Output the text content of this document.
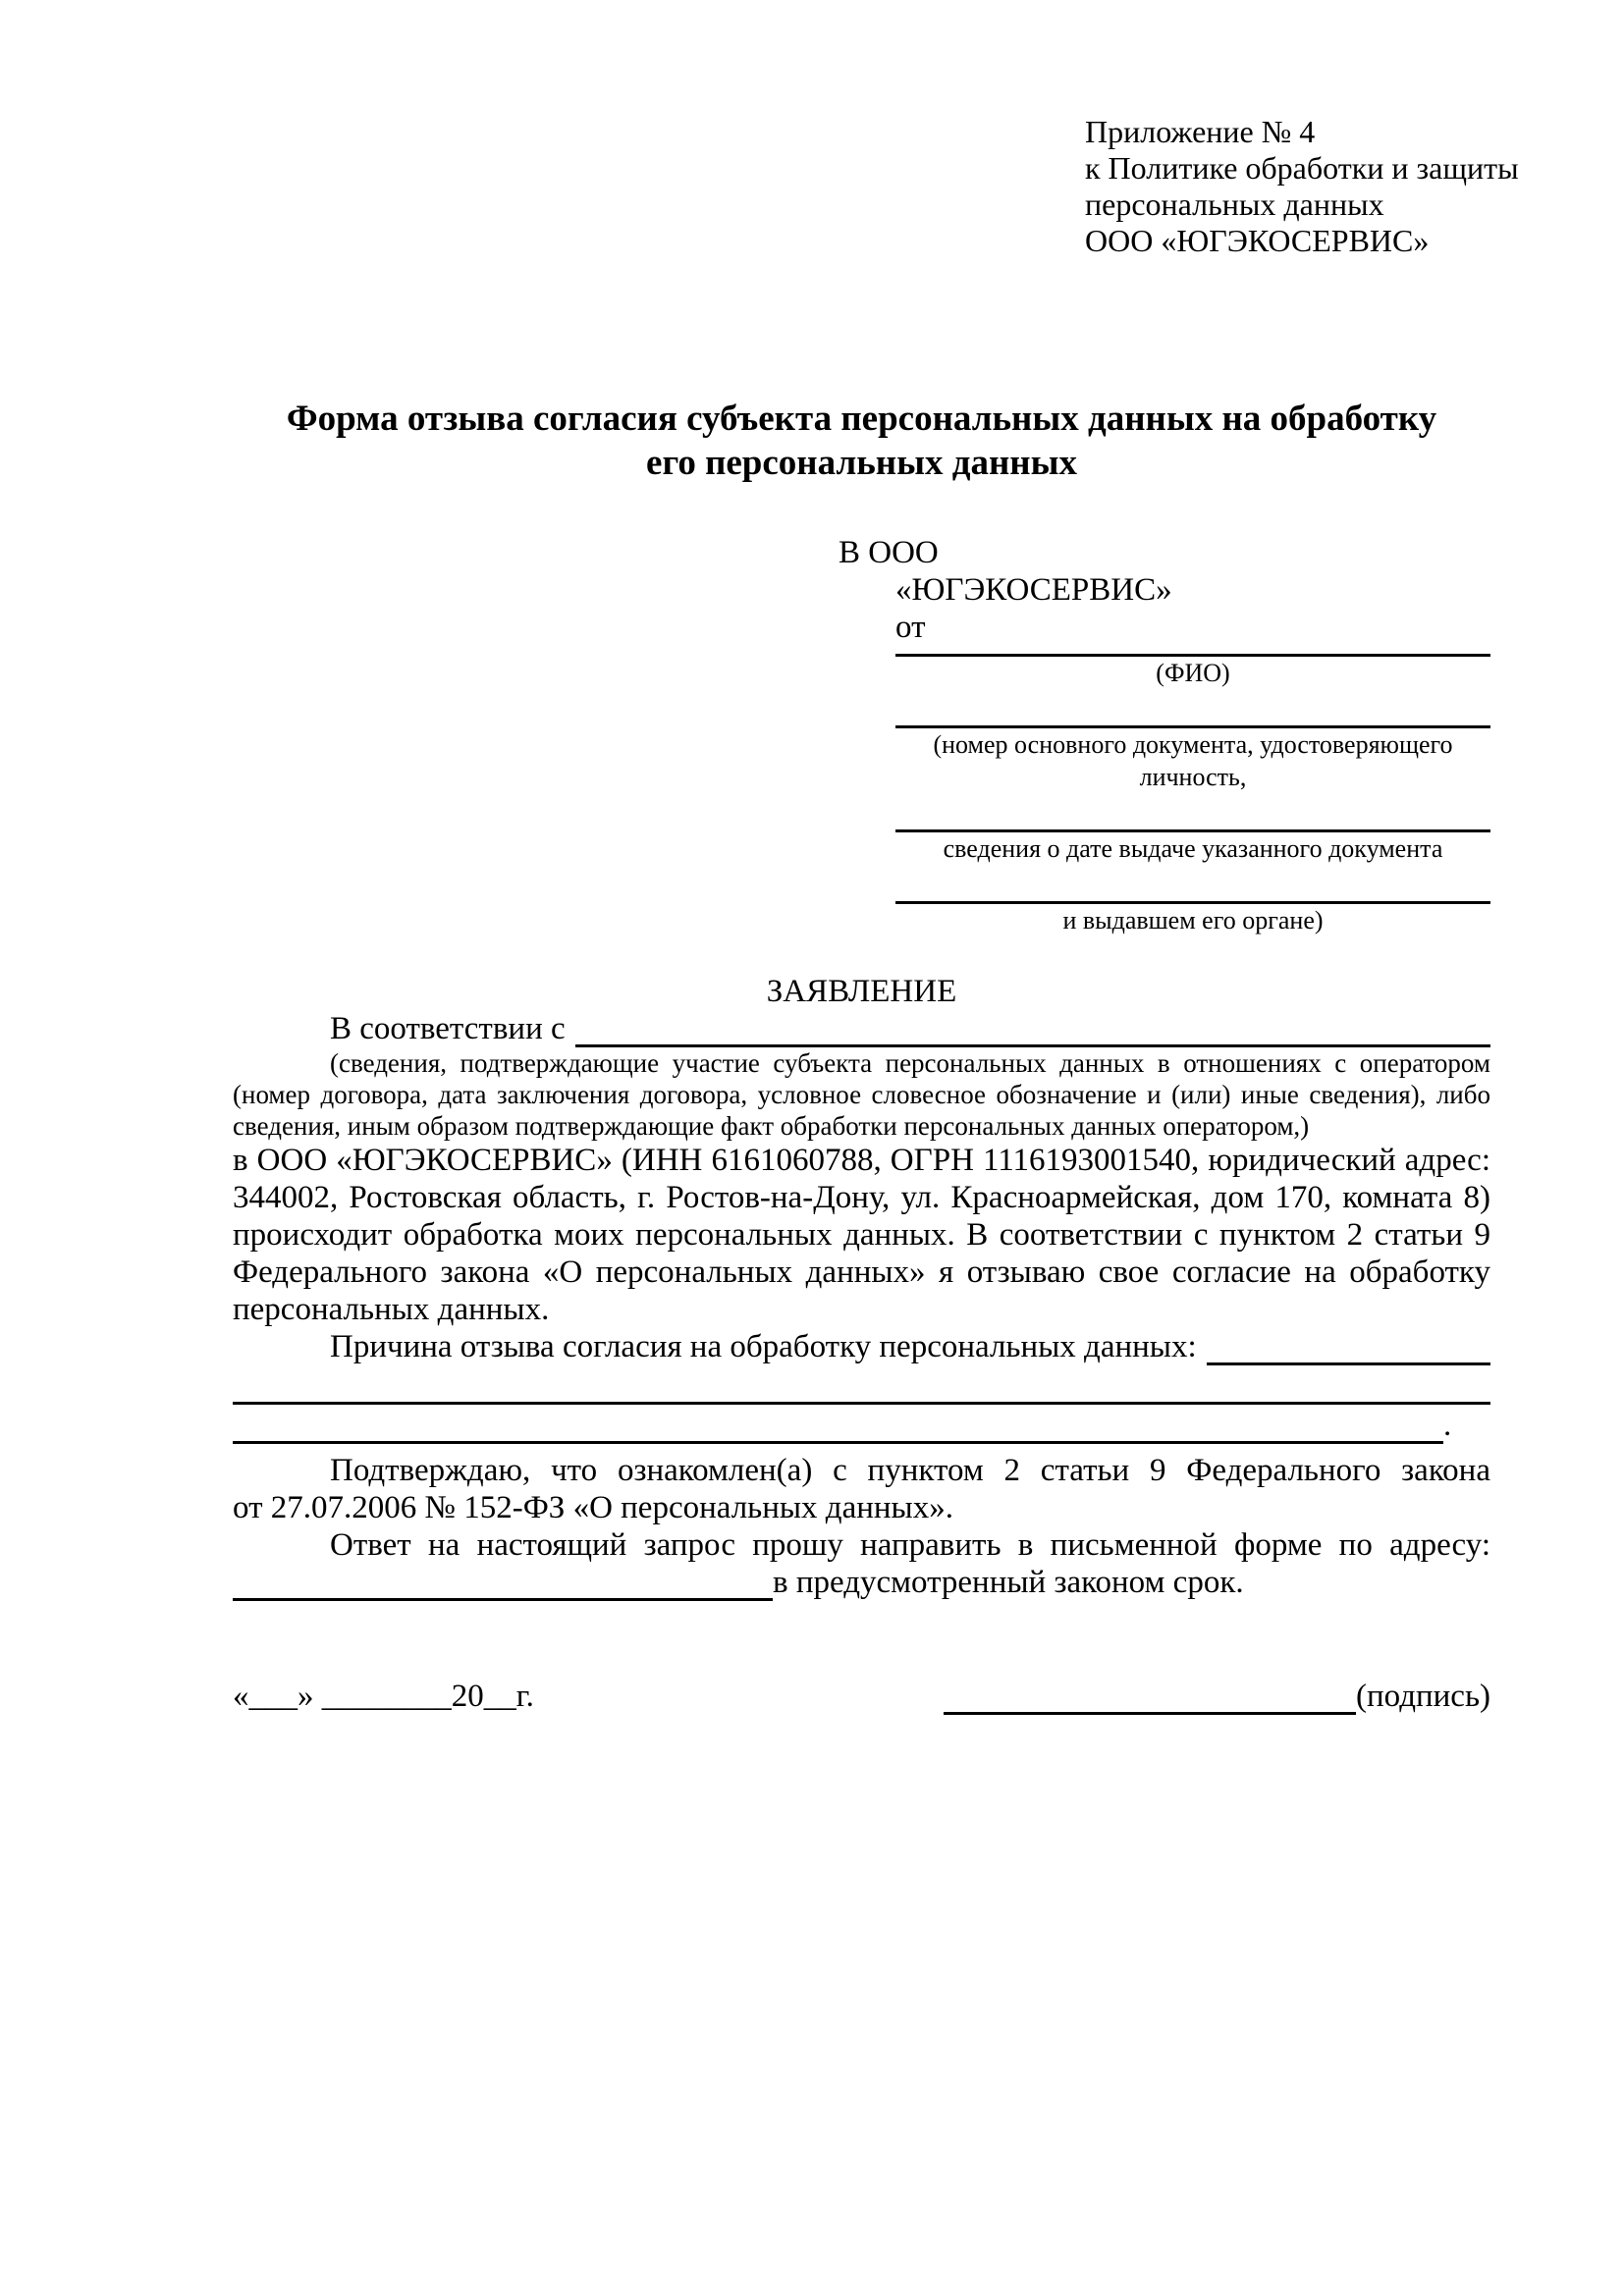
Приложение № 4
к Политике обработки и защиты
персональных данных
ООО «ЮГЭКОСЕРВИС»
Форма отзыва согласия субъекта персональных данных на обработку
его персональных данных
В ООО
«ЮГЭКОСЕРВИС»
от
(ФИО)
(номер основного документа, удостоверяющего личность,
сведения о дате выдаче указанного документа
и выдавшем его органе)
ЗАЯВЛЕНИЕ
В соответствии с
(сведения, подтверждающие участие субъекта персональных данных в отношениях с оператором (номер договора, дата заключения договора, условное словесное обозначение и (или) иные сведения), либо сведения, иным образом подтверждающие факт обработки персональных данных оператором,)
в ООО «ЮГЭКОСЕРВИС» (ИНН 6161060788, ОГРН 1116193001540, юридический адрес: 344002, Ростовская область, г. Ростов-на-Дону, ул. Красноармейская, дом 170, комната 8) происходит обработка моих персональных данных. В соответствии с пунктом 2 статьи 9 Федерального закона «О персональных данных» я отзываю свое согласие на обработку персональных данных.
Причина отзыва согласия на обработку персональных данных:
.
Подтверждаю, что ознакомлен(а) с пунктом 2 статьи 9 Федерального закона
от 27.07.2006 № 152-ФЗ «О персональных данных».
Ответ на настоящий запрос прошу направить в письменной форме по адресу:
в предусмотренный законом срок.
«___» ________20__г.	(подпись)
